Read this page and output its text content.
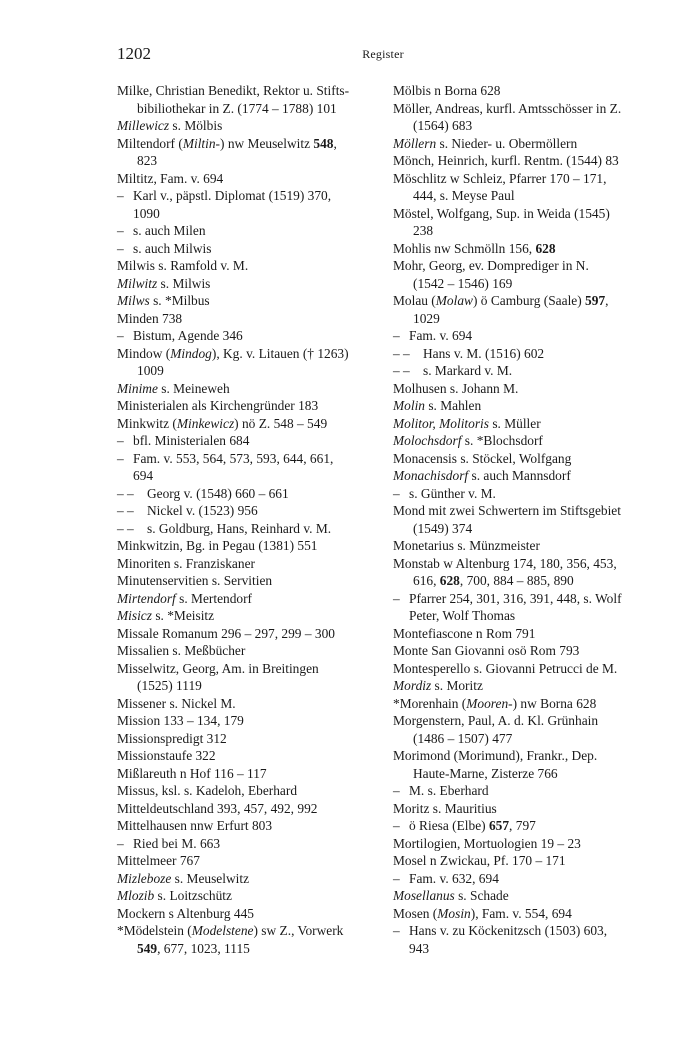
1202	Register
Milke, Christian Benedikt, Rektor u. Stifts-
bibiliothekar in Z. (1774 – 1788) 101
Millewicz s. Mölbis
Miltendorf (Miltin-) nw Meuselwitz 548,
823
Miltitz, Fam. v. 694
– Karl v., päpstl. Diplomat (1519) 370,
1090
– s. auch Milen
– s. auch Milwis
Milwis s. Ramfold v. M.
Milwitz s. Milwis
Milws s. *Milbus
Minden 738
– Bistum, Agende 346
Mindow (Mindog), Kg. v. Litauen († 1263)
1009
Minime s. Meineweh
Ministerialen als Kirchengründer 183
Minkwitz (Minkewicz) nö Z. 548 – 549
– bfl. Ministerialen 684
– Fam. v. 553, 564, 573, 593, 644, 661,
694
– – Georg v. (1548) 660 – 661
– – Nickel v. (1523) 956
– – s. Goldburg, Hans, Reinhard v. M.
Minkwitzin, Bg. in Pegau (1381) 551
Minoriten s. Franziskaner
Minutenservitien s. Servitien
Mirtendorf s. Mertendorf
Misicz s. *Meisitz
Missale Romanum 296 – 297, 299 – 300
Missalien s. Meßbücher
Misselwitz, Georg, Am. in Breitingen
(1525) 1119
Missener s. Nickel M.
Mission 133 – 134, 179
Missionspredigt 312
Missionstaufe 322
Mißlareuth n Hof 116 – 117
Missus, ksl. s. Kadeloh, Eberhard
Mitteldeutschland 393, 457, 492, 992
Mittelhausen nnw Erfurt 803
– Ried bei M. 663
Mittelmeer 767
Mizleboze s. Meuselwitz
Mlozib s. Loitzschütz
Mockern s Altenburg 445
*Mödelstein (Modelstene) sw Z., Vorwerk
549, 677, 1023, 1115
Mölbis n Borna 628
Möller, Andreas, kurfl. Amtsschösser in Z.
(1564) 683
Möllern s. Nieder- u. Obermöllern
Mönch, Heinrich, kurfl. Rentm. (1544) 83
Möschlitz w Schleiz, Pfarrer 170 – 171,
444, s. Meyse Paul
Möstel, Wolfgang, Sup. in Weida (1545)
238
Mohlis nw Schmölln 156, 628
Mohr, Georg, ev. Domprediger in N.
(1542 – 1546) 169
Molau (Molaw) ö Camburg (Saale) 597,
1029
– Fam. v. 694
– – Hans v. M. (1516) 602
– – s. Markard v. M.
Molhusen s. Johann M.
Molin s. Mahlen
Molitor, Molitoris s. Müller
Molochsdorf s. *Blochsdorf
Monacensis s. Stöckel, Wolfgang
Monachisdorf s. auch Mannsdorf
– s. Günther v. M.
Mond mit zwei Schwertern im Stiftsgebiet
(1549) 374
Monetarius s. Münzmeister
Monstab w Altenburg 174, 180, 356, 453,
616, 628, 700, 884 – 885, 890
– Pfarrer 254, 301, 316, 391, 448, s. Wolf
Peter, Wolf Thomas
Montefiascone n Rom 791
Monte San Giovanni osö Rom 793
Montesperello s. Giovanni Petrucci de M.
Mordiz s. Moritz
*Morenhain (Mooren-) nw Borna 628
Morgenstern, Paul, A. d. Kl. Grünhain
(1486 – 1507) 477
Morimond (Morimund), Frankr., Dep.
Haute-Marne, Zisterze 766
– M. s. Eberhard
Moritz s. Mauritius
– ö Riesa (Elbe) 657, 797
Mortilogien, Mortuologien 19 – 23
Mosel n Zwickau, Pf. 170 – 171
– Fam. v. 632, 694
Mosellanus s. Schade
Mosen (Mosin), Fam. v. 554, 694
– Hans v. zu Köckenitzsch (1503) 603,
943
